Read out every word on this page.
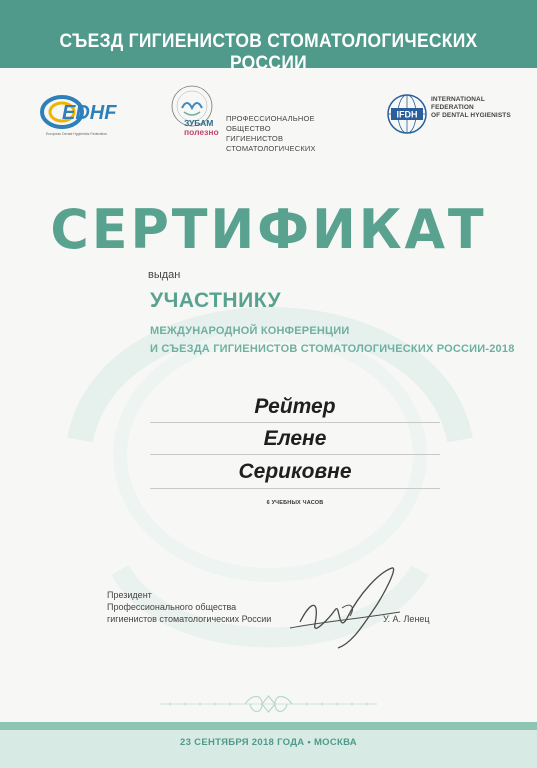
СЪЕЗД ГИГИЕНИСТОВ СТОМАТОЛОГИЧЕСКИХ РОССИИ
EDHF
European Dental Hygienists Federation
ЗУБАМ
полезно
ПРОФЕССИОНАЛЬНОЕ ОБЩЕСТВО
ГИГИЕНИСТОВ СТОМАТОЛОГИЧЕСКИХ
IFDH
INTERNATIONAL FEDERATION
OF DENTAL HYGIENISTS
СЕРТИФИКАТ
выдан
УЧАСТНИКУ
МЕЖДУНАРОДНОЙ КОНФЕРЕНЦИИ
И СЪЕЗДА ГИГИЕНИСТОВ СТОМАТОЛОГИЧЕСКИХ РОССИИ-2018
Рейтер
Елене
Сериковне
6 УЧЕБНЫХ ЧАСОВ
Президент
Профессионального общества
гигиенистов стоматологических России	У. А. Ленец
23 СЕНТЯБРЯ 2018 ГОДА • МОСКВА
